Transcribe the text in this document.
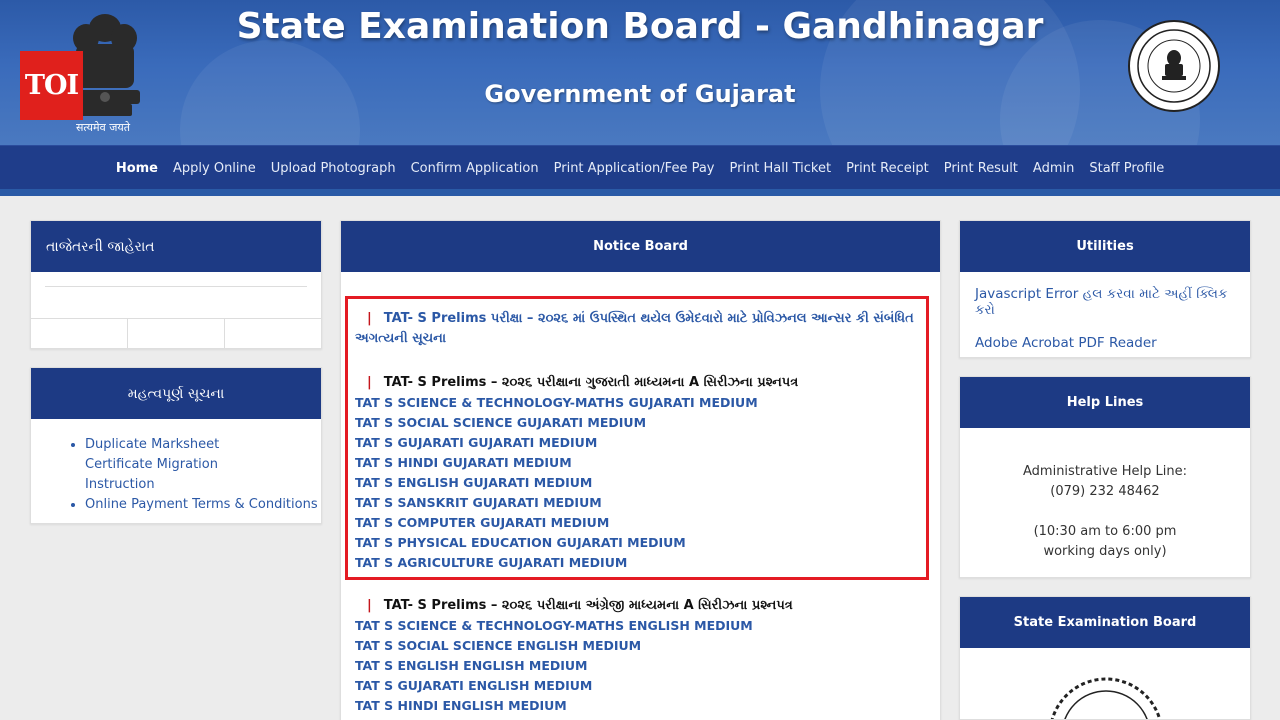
सत्यमेव जयते
TOI
State Examination Board - Gandhinagar
Government of Gujarat
Home	Apply Online	Upload Photograph	Confirm Application	Print Application/Fee Pay	Print Hall Ticket	Print Receipt	Print Result	Admin	Staff Profile
તાજેતરની જાહેરાત
મહત્વપૂર્ણ સૂચના
• Duplicate Marksheet Certificate Migration Instruction
• Online Payment Terms & Conditions
Notice Board
| TAT- S Prelims પરીક્ષા – ૨૦૨૬ માં ઉપસ્થિત થયેલ ઉમેદવારો માટે પ્રોવિઝનલ આન્સર કી સંબંધિત અગત્યની સૂચના
| TAT- S Prelims – ૨૦૨૬ પરીક્ષાના ગુજરાતી માધ્યમના A સિરીઝના પ્રશ્નપત્ર
TAT S SCIENCE & TECHNOLOGY-MATHS GUJARATI MEDIUM
TAT S SOCIAL SCIENCE GUJARATI MEDIUM
TAT S GUJARATI GUJARATI MEDIUM
TAT S HINDI GUJARATI MEDIUM
TAT S ENGLISH GUJARATI MEDIUM
TAT S SANSKRIT GUJARATI MEDIUM
TAT S COMPUTER GUJARATI MEDIUM
TAT S PHYSICAL EDUCATION GUJARATI MEDIUM
TAT S AGRICULTURE GUJARATI MEDIUM
| TAT- S Prelims – ૨૦૨૬ પરીક્ષાના અંગ્રેજી માધ્યમના A સિરીઝના પ્રશ્નપત્ર
TAT S SCIENCE & TECHNOLOGY-MATHS ENGLISH MEDIUM
TAT S SOCIAL SCIENCE ENGLISH MEDIUM
TAT S ENGLISH ENGLISH MEDIUM
TAT S GUJARATI ENGLISH MEDIUM
TAT S HINDI ENGLISH MEDIUM
Utilities
Javascript Error હલ કરવા માટે અહીં ક્લિક કરો
Adobe Acrobat PDF Reader
Help Lines
Administrative Help Line:
(079) 232 48462
(10:30 am to 6:00 pm
working days only)
State Examination Board
